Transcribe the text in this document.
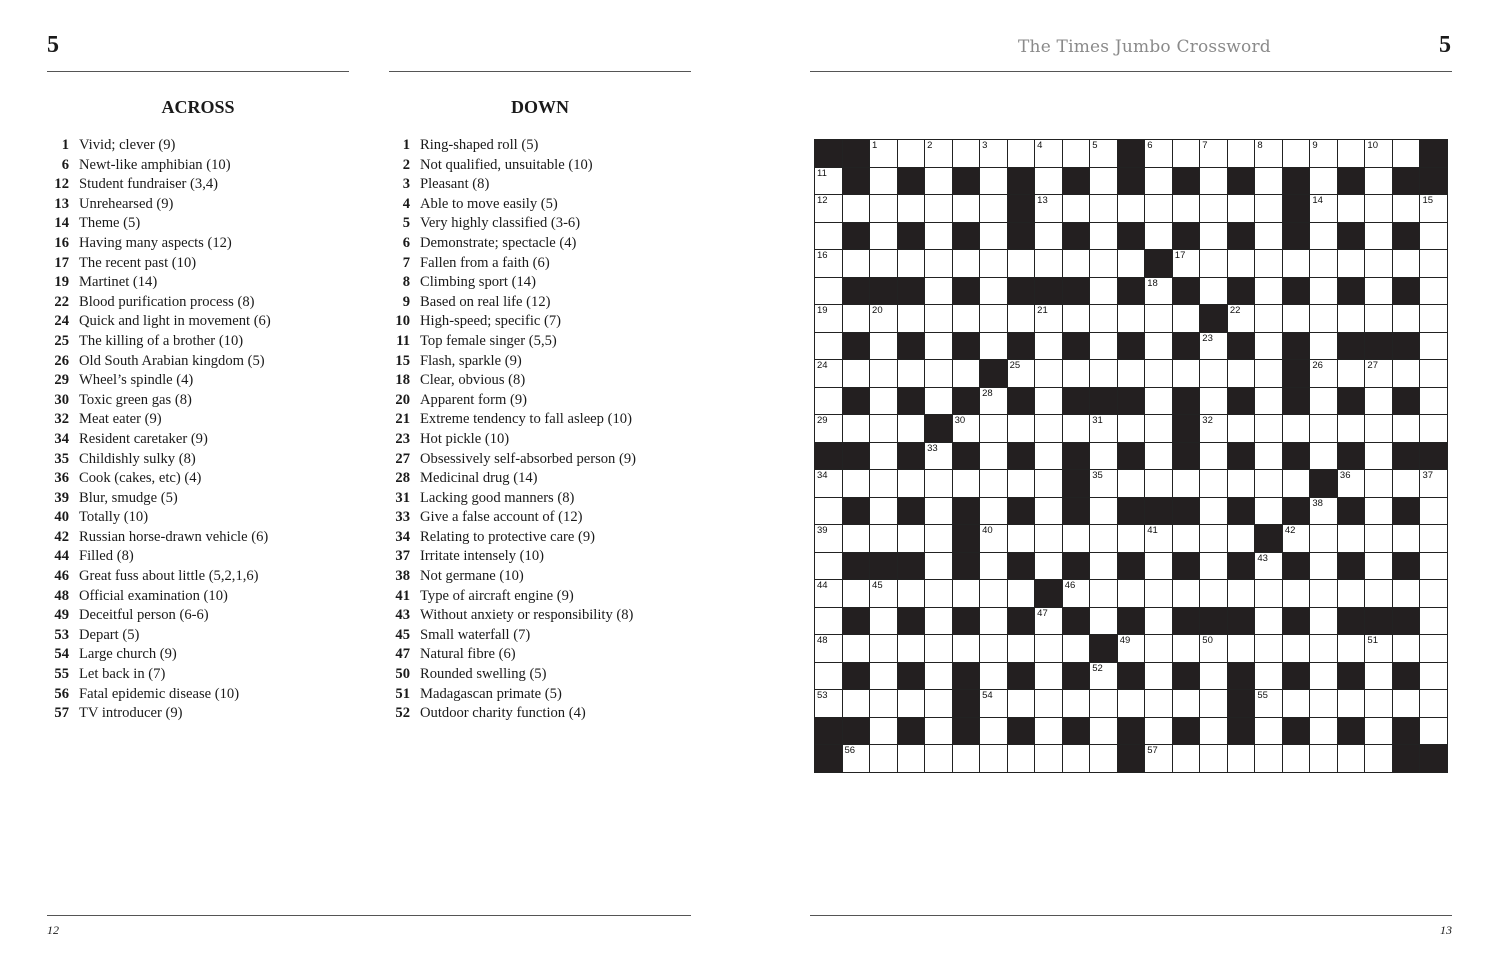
5
ACROSS	DOWN
1 Vivid; clever (9)
6 Newt-like amphibian (10)
12 Student fundraiser (3,4)
13 Unrehearsed (9)
14 Theme (5)
16 Having many aspects (12)
17 The recent past (10)
19 Martinet (14)
22 Blood purification process (8)
24 Quick and light in movement (6)
25 The killing of a brother (10)
26 Old South Arabian kingdom (5)
29 Wheel’s spindle (4)
30 Toxic green gas (8)
32 Meat eater (9)
34 Resident caretaker (9)
35 Childishly sulky (8)
36 Cook (cakes, etc) (4)
39 Blur, smudge (5)
40 Totally (10)
42 Russian horse-drawn vehicle (6)
44 Filled (8)
46 Great fuss about little (5,2,1,6)
48 Official examination (10)
49 Deceitful person (6-6)
53 Depart (5)
54 Large church (9)
55 Let back in (7)
56 Fatal epidemic disease (10)
57 TV introducer (9)
1 Ring-shaped roll (5)
2 Not qualified, unsuitable (10)
3 Pleasant (8)
4 Able to move easily (5)
5 Very highly classified (3-6)
6 Demonstrate; spectacle (4)
7 Fallen from a faith (6)
8 Climbing sport (14)
9 Based on real life (12)
10 High-speed; specific (7)
11 Top female singer (5,5)
15 Flash, sparkle (9)
18 Clear, obvious (8)
20 Apparent form (9)
21 Extreme tendency to fall asleep (10)
23 Hot pickle (10)
27 Obsessively self-absorbed person (9)
28 Medicinal drug (14)
31 Lacking good manners (8)
33 Give a false account of (12)
34 Relating to protective care (9)
37 Irritate intensely (10)
38 Not germane (10)
41 Type of aircraft engine (9)
43 Without anxiety or responsibility (8)
45 Small waterfall (7)
47 Natural fibre (6)
50 Rounded swelling (5)
51 Madagascan primate (5)
52 Outdoor charity function (4)
12
The Times Jumbo Crossword	5
1	2	3	4	5	6	7	8	9	10
11
12	13	14	15
16	17
18
19	20	21	22
23
24	25	26	27
28
29	30	31	32
33
34	35	36	37
38
39	40	41	42
43
44	45	46
47
48	49	50	51
52
53	54	55
56	57
13
